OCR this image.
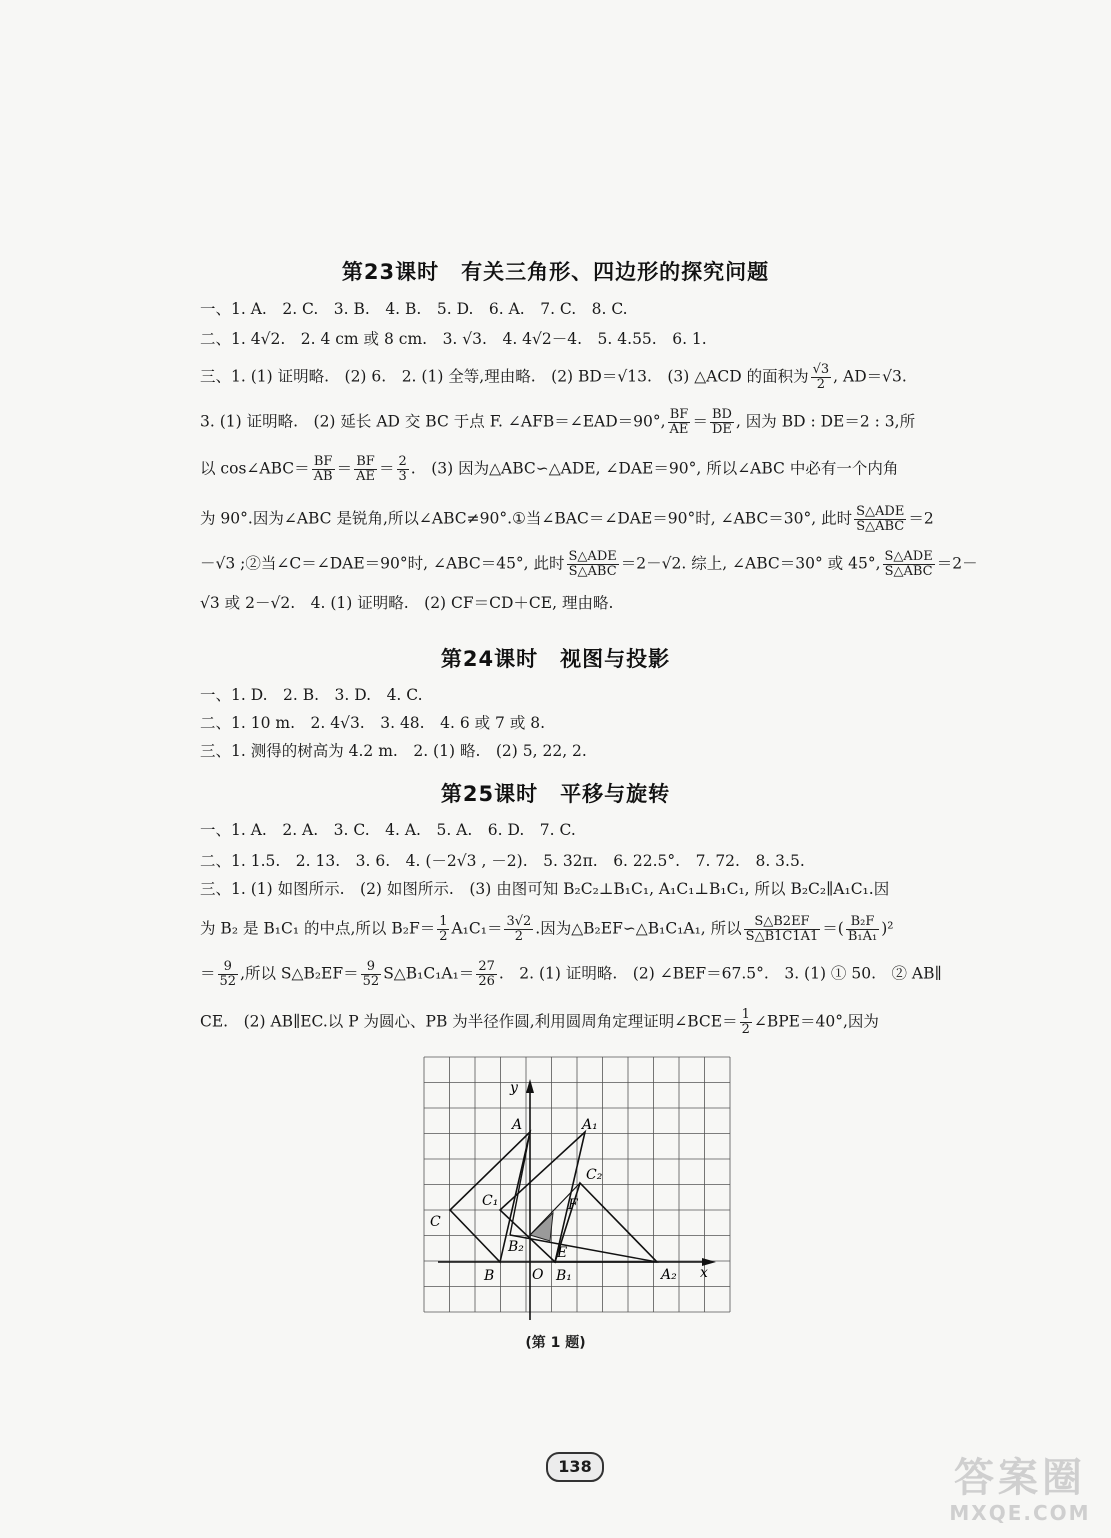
第23课时　有关三角形、四边形的探究问题
一、1. A.　2. C.　3. B.　4. B.　5. D.　6. A.　7. C.　8. C.
二、1. 4√2.　2. 4 cm 或 8 cm.　3. √3.　4. 4√2－4.　5. 4.55.　6. 1.
三、1. (1) 证明略.　(2) 6.　2. (1) 全等,理由略.　(2) BD＝√13.　(3) △ACD 的面积为 $\frac{√3}{2}$ , AD＝√3.
3. (1) 证明略.　(2) 延长 AD 交 BC 于点 F. ∠AFB＝∠EAD＝90°, $\frac{BF}{AE} = \frac{BD}{DE}$ , 因为 BD : DE＝2 : 3,所
以 cos∠ABC＝ $\frac{BF}{AB} = \frac{BF}{AE} = \frac{2}{3}$ .　(3) 因为△ABC∽△ADE, ∠DAE＝90°, 所以∠ABC 中必有一个内角
为 90°.因为∠ABC 是锐角,所以∠ABC≠90°.①当∠BAC＝∠DAE＝90°时, ∠ABC＝30°, 此时 $\frac{\text{S△ADE}}{\text{S△ABC}} =2$
－√3 ;②当∠C＝∠DAE＝90°时, ∠ABC＝45°, 此时 $\frac{\text{S△ADE}}{\text{S△ABC}} =2-√2$. 综上, ∠ABC＝30° 或 45°, $\frac{\text{S△ADE}}{\text{S△ABC}} =2-$
√3 或 2－√2.　4. (1) 证明略.　(2) CF＝CD＋CE, 理由略.
第24课时　视图与投影
一、1. D.　2. B.　3. D.　4. C.
二、1. 10 m.　2. 4√3.　3. 48.　4. 6 或 7 或 8.
三、1. 测得的树高为 4.2 m.　2. (1) 略.　(2) 5, 22, 2.
第25课时　平移与旋转
一、1. A.　2. A.　3. C.　4. A.　5. A.　6. D.　7. C.
二、1. 1.5.　2. 13.　3. 6.　4. (－2√3 , －2).　5. 32π.　6. 22.5°.　7. 72.　8. 3.5.
三、1. (1) 如图所示.　(2) 如图所示.　(3) 由图可知 B₂C₂⊥B₁C₁, A₁C₁⊥B₁C₁, 所以 B₂C₂∥A₁C₁.因
为 B₂ 是 B₁C₁ 的中点,所以 $B_2F= \frac{1}{2} A_1C_1= \frac{3√2}{2}$ .因为△B₂EF∽△B₁C₁A₁, 所以 $\frac{S\triangle B2EF}{S\triangle B1C1A1}$ ＝( $\frac{\text{B₂F}}{\text{B₁A₁}} )^2$
＝ $\frac{9}{52}$ ,所以 S△B₂EF＝ $\frac{9}{52}$ S△B₁C₁A₁＝ $\frac{27}{26}$ .　2. (1) 证明略.　(2) ∠BEF＝67.5°.　3. (1) ① 50.　② AB∥
CE.　(2) AB∥EC.以 P 为圆心、PB 为半径作圆,利用圆周角定理证明∠BCE＝ $\frac{1}{2}$ ∠BPE＝40°,因为
y
x
O
A	A₁
A₂
B	B₁
B₂
C
C₁
C₂
E
F
(第 1 题)
138	答案圈
MXQE.COM
